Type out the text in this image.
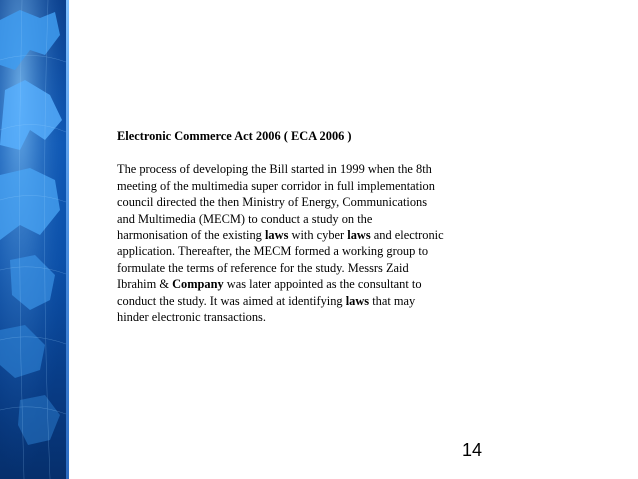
Electronic Commerce Act 2006 ( ECA 2006 )
The process of developing the Bill started in 1999 when the 8th
meeting of the multimedia super corridor in full implementation
council directed the then Ministry of Energy, Communications
and Multimedia (MECM) to conduct a study on the
harmonisation of the existing laws with cyber laws and electronic
application. Thereafter, the MECM formed a working group to
formulate the terms of reference for the study. Messrs Zaid
Ibrahim & Company was later appointed as the consultant to
conduct the study. It was aimed at identifying laws that may
hinder electronic transactions.
14
